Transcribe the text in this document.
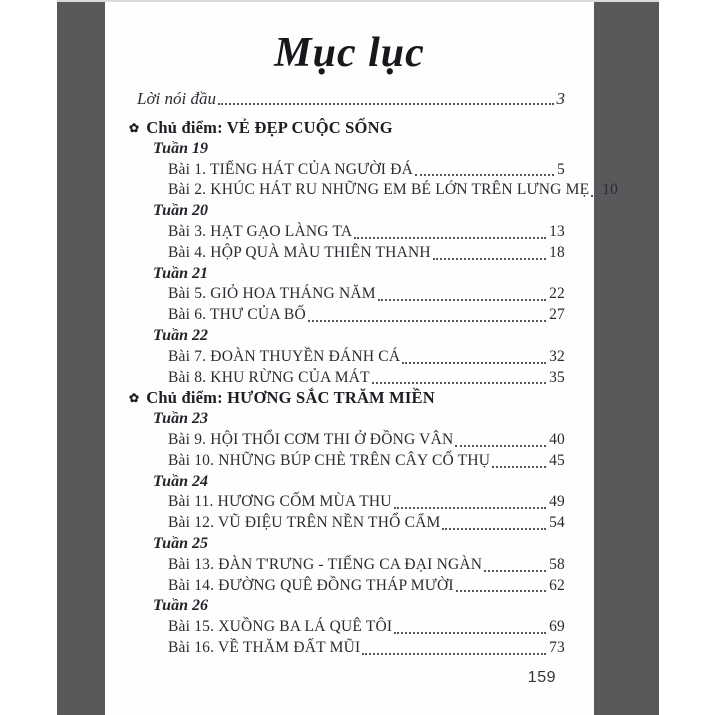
Mục lục
Lời nói đầu	3
✿ Chủ điểm: VẺ ĐẸP CUỘC SỐNG
Tuần 19
Bài 1. TIẾNG HÁT CỦA NGƯỜI ĐÁ	5
Bài 2. KHÚC HÁT RU NHỮNG EM BÉ LỚN TRÊN LƯNG MẸ 10
Tuần 20
Bài 3. HẠT GẠO LÀNG TA	13
Bài 4. HỘP QUÀ MÀU THIÊN THANH	18
Tuần 21
Bài 5. GIỎ HOA THÁNG NĂM	22
Bài 6. THƯ CỦA BỐ	27
Tuần 22
Bài 7. ĐOÀN THUYỀN ĐÁNH CÁ	32
Bài 8. KHU RỪNG CỦA MÁT	35
✿ Chủ điểm: HƯƠNG SẮC TRĂM MIỀN
Tuần 23
Bài 9. HỘI THỔI CƠM THI Ở ĐỒNG VÂN	40
Bài 10. NHỮNG BÚP CHÈ TRÊN CÂY CỔ THỤ	45
Tuần 24
Bài 11. HƯƠNG CỐM MÙA THU	49
Bài 12. VŨ ĐIỆU TRÊN NỀN THỔ CẨM	54
Tuần 25
Bài 13. ĐÀN T'RƯNG - TIẾNG CA ĐẠI NGÀN	58
Bài 14. ĐƯỜNG QUÊ ĐỒNG THÁP MƯỜI	62
Tuần 26
Bài 15. XUỒNG BA LÁ QUÊ TÔI	69
Bài 16. VỀ THĂM ĐẤT MŨI	73
159
